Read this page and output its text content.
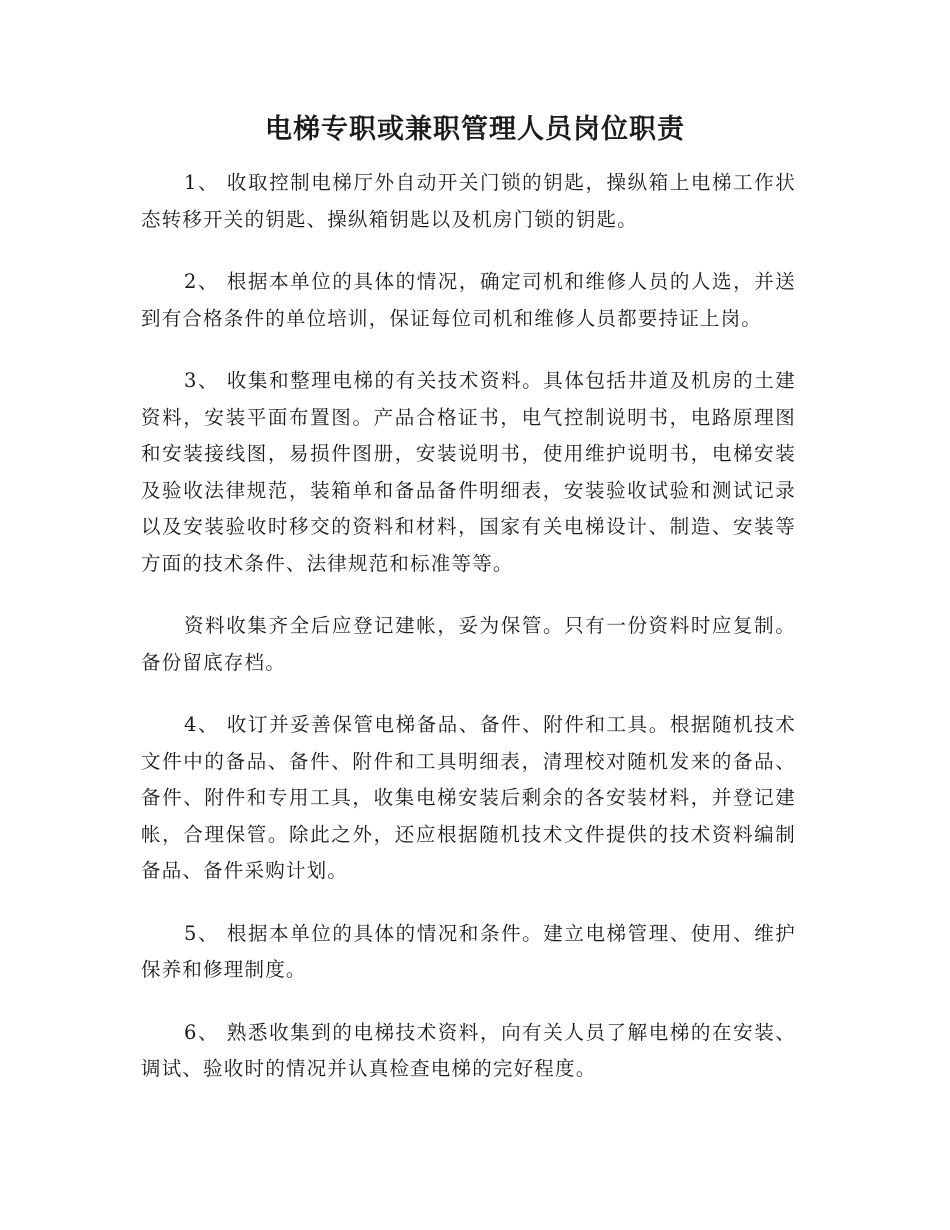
电梯专职或兼职管理人员岗位职责

1、 收取控制电梯厅外自动开关门锁的钥匙，操纵箱上电梯工作状态转移开关的钥匙、操纵箱钥匙以及机房门锁的钥匙。

2、 根据本单位的具体的情况，确定司机和维修人员的人选，并送到有合格条件的单位培训，保证每位司机和维修人员都要持证上岗。

3、 收集和整理电梯的有关技术资料。具体包括井道及机房的土建资料，安装平面布置图。产品合格证书，电气控制说明书，电路原理图和安装接线图，易损件图册，安装说明书，使用维护说明书，电梯安装及验收法律规范，装箱单和备品备件明细表，安装验收试验和测试记录以及安装验收时移交的资料和材料，国家有关电梯设计、制造、安装等方面的技术条件、法律规范和标准等等。

资料收集齐全后应登记建帐，妥为保管。只有一份资料时应复制。备份留底存档。

4、 收订并妥善保管电梯备品、备件、附件和工具。根据随机技术文件中的备品、备件、附件和工具明细表，清理校对随机发来的备品、备件、附件和专用工具，收集电梯安装后剩余的各安装材料，并登记建帐，合理保管。除此之外，还应根据随机技术文件提供的技术资料编制备品、备件采购计划。

5、 根据本单位的具体的情况和条件。建立电梯管理、使用、维护保养和修理制度。

6、 熟悉收集到的电梯技术资料，向有关人员了解电梯的在安装、调试、验收时的情况并认真检查电梯的完好程度。
